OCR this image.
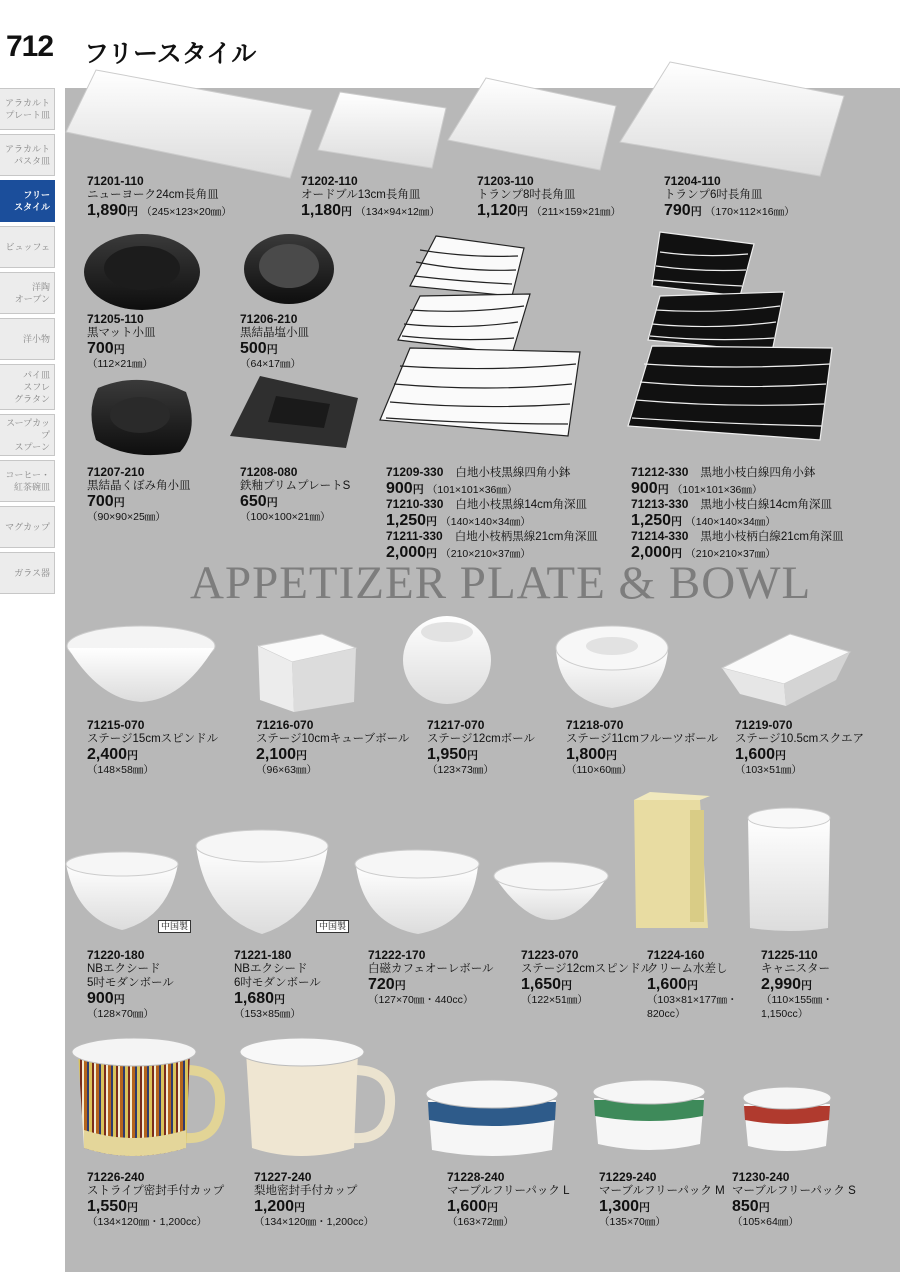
712 フリースタイル
アラカルト
プレート皿
アラカルト
パスタ皿
フリー
スタイル
ビュッフェ
洋陶
オーブン
洋小物
パイ皿
スフレ
グラタン
スープカップ
スプーン
コーヒー・
紅茶碗皿
マグカップ
ガラス器
中国製	中国製
APPETIZER PLATE & BOWL
71201-110
ニューヨーク24cm長角皿
1,890円 （245×123×20㎜）
71202-110
オードブル13cm長角皿
1,180円 （134×94×12㎜）
71203-110
トランプ8吋長角皿
1,120円 （211×159×21㎜）
71204-110
トランプ6吋長角皿
790円 （170×112×16㎜）
71205-110
黒マット小皿
700円
（112×21㎜）
71206-210
黒結晶塩小皿
500円
（64×17㎜）
71207-210
黒結晶くぼみ角小皿
700円
（90×90×25㎜）
71208-080
鉄釉プリムプレートS
650円
（100×100×21㎜）
71209-330 白地小枝黒線四角小鉢
900円 （101×101×36㎜）
71210-330 白地小枝黒線14cm角深皿
1,250円 （140×140×34㎜）
71211-330 白地小枝柄黒線21cm角深皿
2,000円 （210×210×37㎜）
71212-330 黒地小枝白線四角小鉢
900円 （101×101×36㎜）
71213-330 黒地小枝白線14cm角深皿
1,250円 （140×140×34㎜）
71214-330 黒地小枝柄白線21cm角深皿
2,000円 （210×210×37㎜）
71215-070
ステージ15cmスピンドル
2,400円
（148×58㎜）
71216-070
ステージ10cmキューブボール
2,100円
（96×63㎜）
71217-070
ステージ12cmボール
1,950円
（123×73㎜）
71218-070
ステージ11cmフルーツボール
1,800円
（110×60㎜）
71219-070
ステージ10.5cmスクエア
1,600円
（103×51㎜）
71220-180
NBエクシード
5吋モダンボール
900円
（128×70㎜）
71221-180
NBエクシード
6吋モダンボール
1,680円
（153×85㎜）
71222-170
白磁カフェオーレボール
720円
（127×70㎜・440cc）
71223-070
ステージ12cmスピンドル
1,650円
（122×51㎜）
71224-160
クリーム水差し
1,600円
（103×81×177㎜・
820cc）
71225-110
キャニスター
2,990円
（110×155㎜・
1,150cc）
71226-240
ストライプ密封手付カップ
1,550円
（134×120㎜・1,200cc）
71227-240
梨地密封手付カップ
1,200円
（134×120㎜・1,200cc）
71228-240
マーブルフリーパック L
1,600円
（163×72㎜）
71229-240
マーブルフリーパック M
1,300円
（135×70㎜）
71230-240
マーブルフリーパック S
850円
（105×64㎜）
